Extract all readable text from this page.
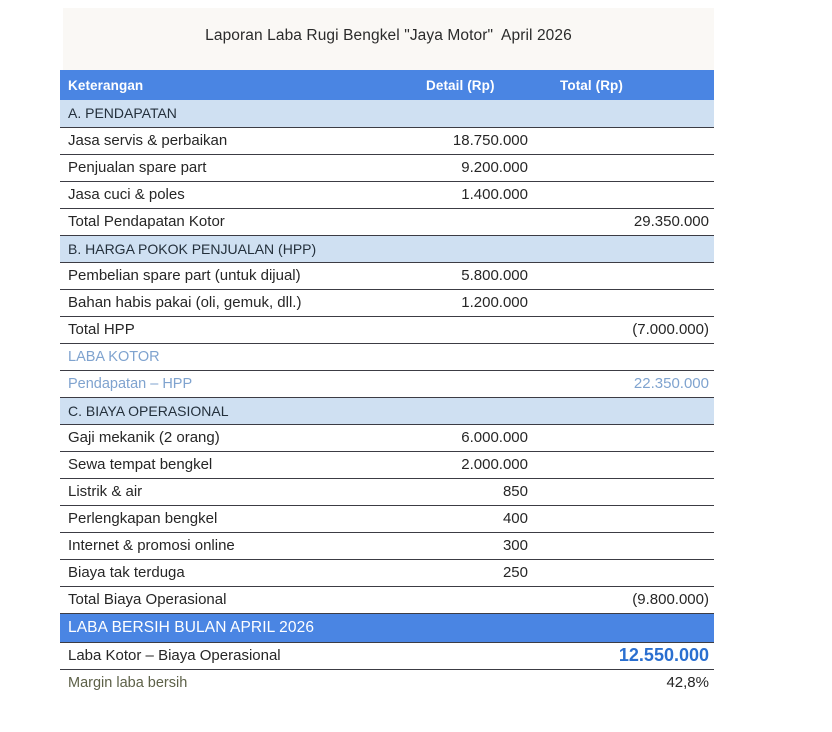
Laporan Laba Rugi Bengkel "Jaya Motor"  April 2026
Keterangan	Detail (Rp)	Total (Rp)
A. PENDAPATAN		
Jasa servis & perbaikan	18.750.000	
Penjualan spare part	9.200.000	
Jasa cuci & poles	1.400.000	
Total Pendapatan Kotor		29.350.000
B. HARGA POKOK PENJUALAN (HPP)		
Pembelian spare part (untuk dijual)	5.800.000	
Bahan habis pakai (oli, gemuk, dll.)	1.200.000	
Total HPP		(7.000.000)
LABA KOTOR		
Pendapatan – HPP		22.350.000
C. BIAYA OPERASIONAL		
Gaji mekanik (2 orang)	6.000.000	
Sewa tempat bengkel	2.000.000	
Listrik & air	850	
Perlengkapan bengkel	400	
Internet & promosi online	300	
Biaya tak terduga	250	
Total Biaya Operasional		(9.800.000)
LABA BERSIH BULAN APRIL 2026		
Laba Kotor – Biaya Operasional		12.550.000
Margin laba bersih		42,8%
